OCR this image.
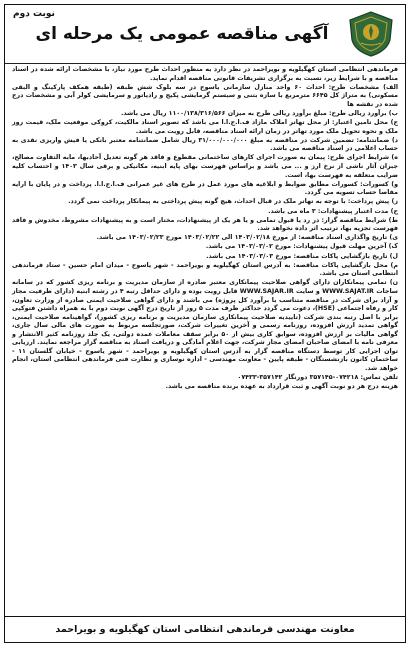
نوبت دوم
آگهی مناقصه عمومی یک مرحله ای

فرماندهی انتظامی استان کهگیلویه و بویراحمد در نظر دارد به منظور احداث طرح مورد نیاز، با مشخصات ارائه شده در اسناد مناقصه و با شرایط زیر، نسبت به برگزاری تشریفات قانونی مناقصه اقدام نماید.

الف) مشخصات طرح: احداث ۶۰ واحد منازل سازمانی یاسوج در سه بلوک شش طبقه (طبقه همکف پارکینگ و البقی مسکونی) به متراژ کل ۶۶۴۵ مترمربع با سازه بتنی و سیستم گرمایشی پکیج و رادیاتور و سرمایشی کولر آبی و مشخصات درج شده در نقشه ها

ب) برآورد ریالی طرح: مبلغ برآورد ریالی طرح به میزان ۱۱۰۰/۱۳۸/۳۱۶/۵۶۶ ریال می باشد.

ج) محل تامین اعتبار: از محل تهاتر املاک مازاد ف.ا.ج.ا.ا می باشد که تصویر اسناد مالکیت، کروکی موقعیت ملک، قیمت روز ملک و نحوه تحویل ملک مورد تهاتر در زمان ارائه اسناد مناقصه، قابل رویت می باشد.

د) ضمانتنامه: تضمین شرکت در مناقصه به مبلغ ۳۱/۰۰۰/۰۰۰/۰۰۰ ریال شامل ضمانتنامه معتبر بانکی یا فیش واریزی نقدی به حساب اعلامی در اسناد مناقصه می باشد.

ه) شرایط اجرای طرح: پیمان به صورت اجرای کارهای ساختمانی مقطوع و فاقد هر گونه تعدیل آحادبها، مابه التفاوت مصالح، جبران آثار ناشی از نرخ ارز و ... می باشد و براساس فهرست بهای پایه ابنیه، مکانیکی و برقی سال ۱۴۰۳ و احتساب کلیه ضرایب متعلقه به فهرست بها، است.

و) کسورات: کسورات مطابق ضوابط و ابلاغیه های مورد عمل در طرح های غیر عمرانی ف.ا.ج.ا.ا. پرداخت و در پایان با ارایه مفاصا حساب تسویه می گردد.

ز) پیش پرداخت: با توجه به تهاتر ملک در قبال احداث، هیچ گونه پیش پرداختی به پیمانکار پرداخت نمی گردد.

ح) مدت اعتبار پیشنهادات: ۳ ماه می باشد.

ط) شرایط مناقصه گزار: در رد یا قبول تمامی و یا هر یک از پیشنهادات، مختار است و به پیشنهادات مشروط، مخدوش و فاقد فهرست تجزیه بها، ترتیب اثر داده نخواهد شد.

ی) تاریخ واگذاری اسناد مناقصه: از مورخ ۱۴۰۳/۰۲/۱۸ الی ۱۴۰۳/۰۲/۲۲ مورخ ۱۴۰۳/۰۲/۲۳ می باشد.

ک) آخرین مهلت قبول پیشنهادات: مورخ ۱۴۰۳/۰۳/۰۲ می باشد.

ل) تاریخ بازگشایی پاکات مناقصه: مورخ ۱۴۰۳/۰۳/۰۳ می باشد.

م) محل بازگشایی پاکات مناقصه: به آدرس استان کهگیلویه و بویراحمد - شهر یاسوج - میدان امام حسین - ستاد فرماندهی انتظامی استان می باشد.

ن) تمامی پیمانکاران دارای گواهی صلاحیت پیمانکاری معتبر صادره از سازمان مدیریت و برنامه ریزی کشور که در سامانه ساجات WWW.SAJAT.IR و سایت WWW.SAJAR.IR قابل رویت بوده و دارای حداقل رتبه ۴ در رشته ابنیه (دارای ظرفیت مجاز و آزاد برای شرکت در مناقصه متناسب با برآورد کل پروژه) می باشند و دارای گواهی صلاحیت ایمنی صادره از وزارت تعاون، کار و رفاه اجتماعی (HSE)، دعوت می گردد حداکثر ظرف مدت ۵ روز از تاریخ درج آگهی نوبت دوم با به همراه داشتن فتوکپی برابر با اصل رتبه بندی شرکت (تاییدیه صلاحیت پیمانکاری سازمان مدیریت و برنامه ریزی کشور)، گواهینامه صلاحیت ایمنی، گواهی تمدید ارزش افزوده، روزنامه رسمی و آخرین تغییرات شرکت، صورتجلسه مربوط به صورت های مالی سال جاری، گواهی مالیات بر ارزش افزوده، سوابق کاری بیش از ۵۰ برابر سقف معاملات عمده دولتی، یک جلد روزنامه کثیر الانتشار و معرفی نامه با امضای صاحبان امضای مجاز شرکت، جهت اعلام آمادگی و دریافت اسناد به مناقصه گزار مراجعه نمایند. ارزیابی توان اجرایی کار توسط دستگاه مناقصه گزار به آدرس استان کهگیلویه و بویراحمد - شهر یاسوج - خیابان گلستان ۱۱ - ساختمان کانون بازنشستگان - طبقه پایین - معاونت مهندسی - اداره نوسازی و نظارت فنی فرماندهی انتظامی استان، انجام خواهد شد.

تلفن تماس: ۰۷۴۲۱۸-۳۵۷۱۴۵ دورنگار ۳۵۷۱۴۲-۰۷۴۳۳

هزینه درج هر دو نوبت آگهی و ثبت قرارداد به عهده برنده مناقصه می باشد.

معاونت مهندسی فرماندهی انتظامی استان کهگیلویه و بویراحمد
